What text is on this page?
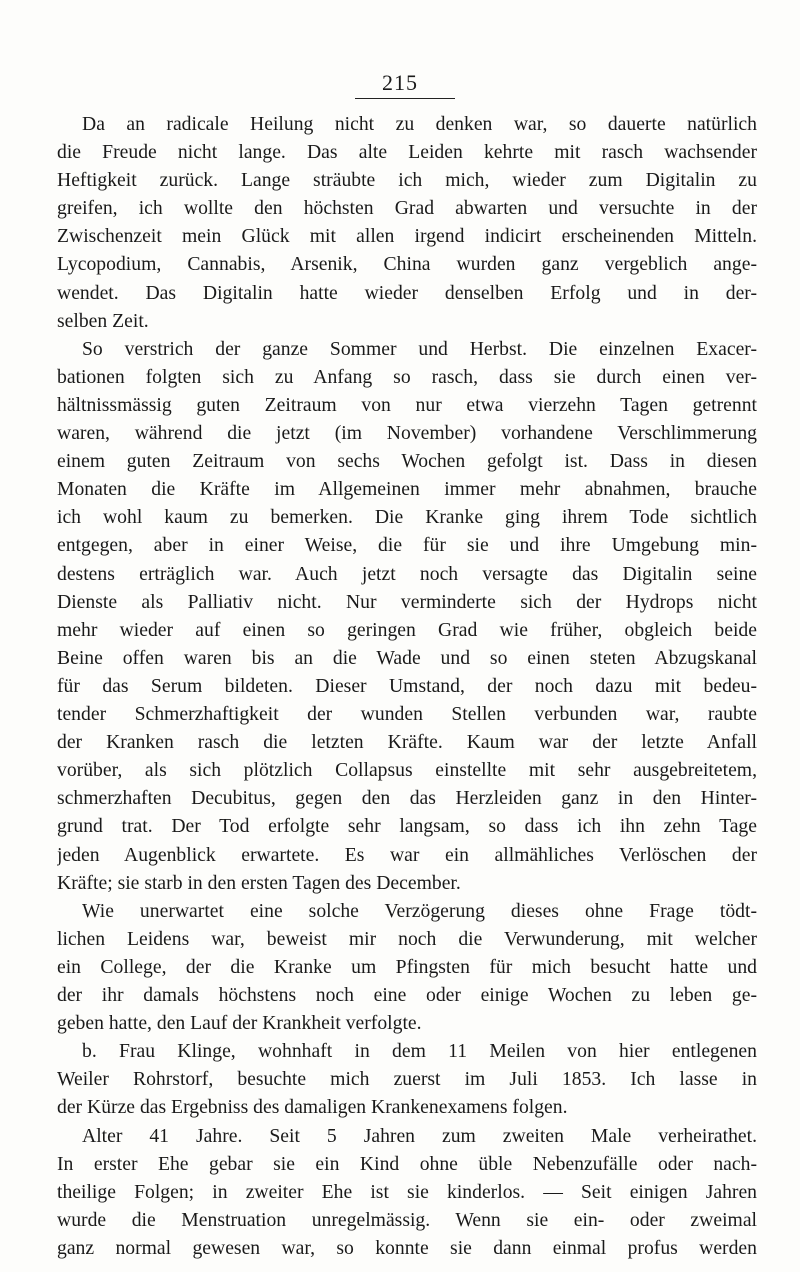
215
Da an radicale Heilung nicht zu denken war, so dauerte natürlich
die Freude nicht lange. Das alte Leiden kehrte mit rasch wachsender
Heftigkeit zurück. Lange sträubte ich mich, wieder zum Digitalin zu
greifen, ich wollte den höchsten Grad abwarten und versuchte in der
Zwischenzeit mein Glück mit allen irgend indicirt erscheinenden Mitteln.
Lycopodium, Cannabis, Arsenik, China wurden ganz vergeblich ange-
wendet. Das Digitalin hatte wieder denselben Erfolg und in der-
selben Zeit.
So verstrich der ganze Sommer und Herbst. Die einzelnen Exacer-
bationen folgten sich zu Anfang so rasch, dass sie durch einen ver-
hältnissmässig guten Zeitraum von nur etwa vierzehn Tagen getrennt
waren, während die jetzt (im November) vorhandene Verschlimmerung
einem guten Zeitraum von sechs Wochen gefolgt ist. Dass in diesen
Monaten die Kräfte im Allgemeinen immer mehr abnahmen, brauche
ich wohl kaum zu bemerken. Die Kranke ging ihrem Tode sichtlich
entgegen, aber in einer Weise, die für sie und ihre Umgebung min-
destens erträglich war. Auch jetzt noch versagte das Digitalin seine
Dienste als Palliativ nicht. Nur verminderte sich der Hydrops nicht
mehr wieder auf einen so geringen Grad wie früher, obgleich beide
Beine offen waren bis an die Wade und so einen steten Abzugskanal
für das Serum bildeten. Dieser Umstand, der noch dazu mit bedeu-
tender Schmerzhaftigkeit der wunden Stellen verbunden war, raubte
der Kranken rasch die letzten Kräfte. Kaum war der letzte Anfall
vorüber, als sich plötzlich Collapsus einstellte mit sehr ausgebreitetem,
schmerzhaften Decubitus, gegen den das Herzleiden ganz in den Hinter-
grund trat. Der Tod erfolgte sehr langsam, so dass ich ihn zehn Tage
jeden Augenblick erwartete. Es war ein allmähliches Verlöschen der
Kräfte; sie starb in den ersten Tagen des December.
Wie unerwartet eine solche Verzögerung dieses ohne Frage tödt-
lichen Leidens war, beweist mir noch die Verwunderung, mit welcher
ein College, der die Kranke um Pfingsten für mich besucht hatte und
der ihr damals höchstens noch eine oder einige Wochen zu leben ge-
geben hatte, den Lauf der Krankheit verfolgte.
b. Frau Klinge, wohnhaft in dem 11 Meilen von hier entlegenen
Weiler Rohrstorf, besuchte mich zuerst im Juli 1853. Ich lasse in
der Kürze das Ergebniss des damaligen Krankenexamens folgen.
Alter 41 Jahre. Seit 5 Jahren zum zweiten Male verheirathet.
In erster Ehe gebar sie ein Kind ohne üble Nebenzufälle oder nach-
theilige Folgen; in zweiter Ehe ist sie kinderlos. — Seit einigen Jahren
wurde die Menstruation unregelmässig. Wenn sie ein- oder zweimal
ganz normal gewesen war, so konnte sie dann einmal profus werden
